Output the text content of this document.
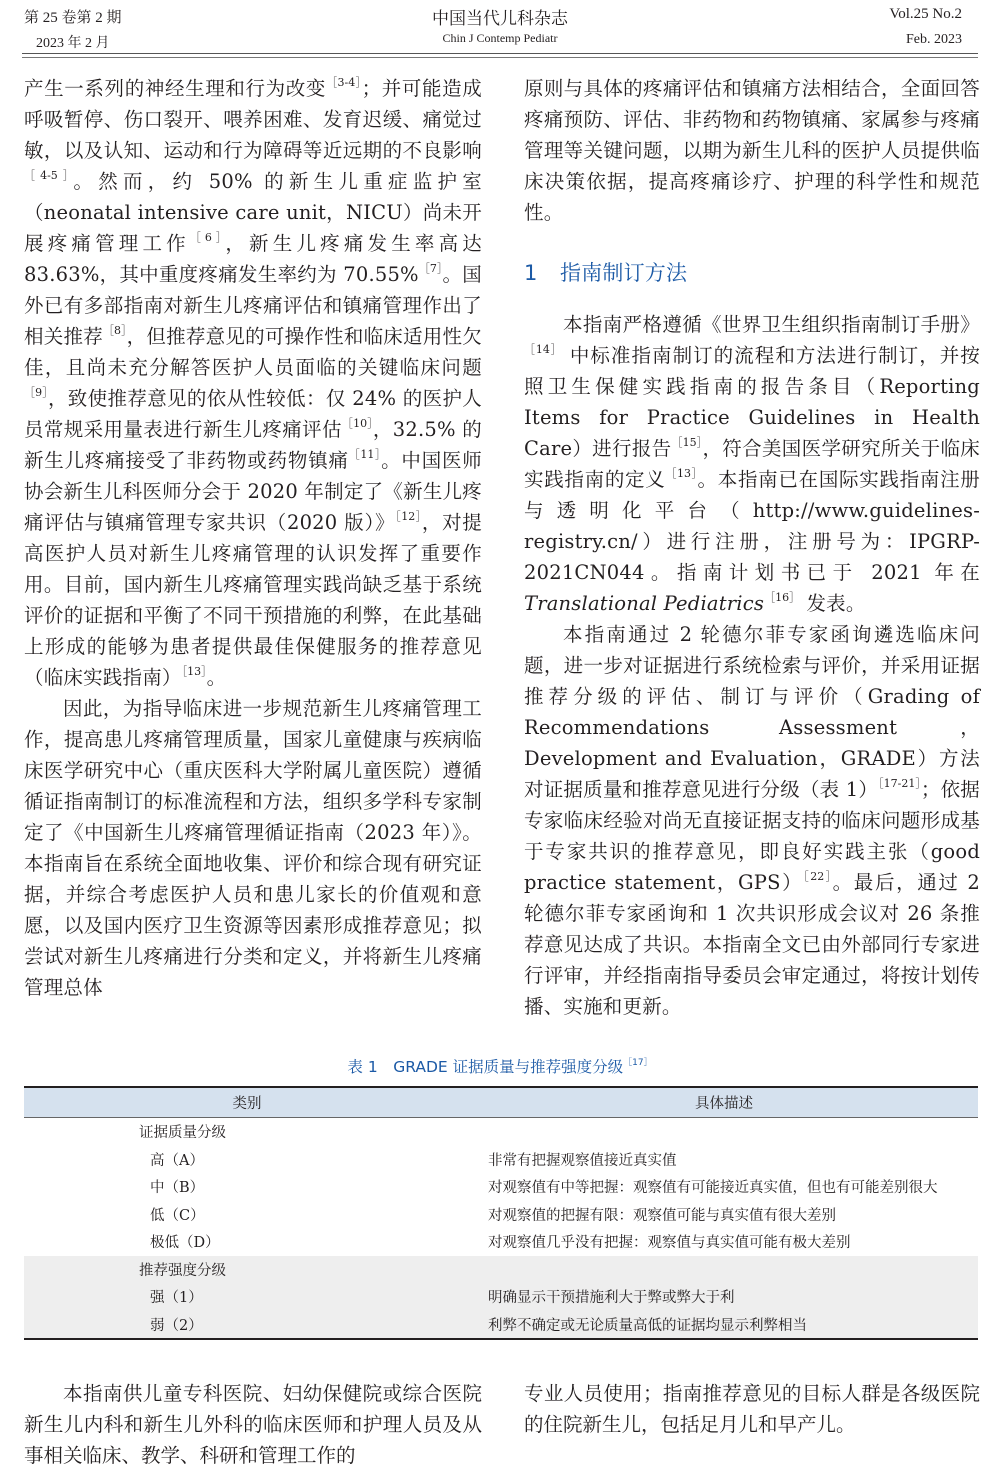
第 25 卷第 2 期
2023 年 2 月
中国当代儿科杂志
Chin J Contemp Pediatr
Vol.25 No.2
Feb. 2023

产生一系列的神经生理和行为改变$^{[3-4]}$；并可能造成呼吸暂停、伤口裂开、喂养困难、发育迟缓、痛觉过敏，以及认知、运动和行为障碍等近远期的不良影响$^{[4-5]}$。然而，约 50% 的新生儿重症监护室（neonatal intensive care unit，NICU）尚未开展疼痛管理工作$^{[6]}$，新生儿疼痛发生率高达 83.63%，其中重度疼痛发生率约为 70.55%$^{[7]}$。国外已有多部指南对新生儿疼痛评估和镇痛管理作出了相关推荐$^{[8]}$，但推荐意见的可操作性和临床适用性欠佳，且尚未充分解答医护人员面临的关键临床问题$^{[9]}$，致使推荐意见的依从性较低：仅 24% 的医护人员常规采用量表进行新生儿疼痛评估$^{[10]}$，32.5% 的新生儿疼痛接受了非药物或药物镇痛$^{[11]}$。中国医师协会新生儿科医师分会于 2020 年制定了《新生儿疼痛评估与镇痛管理专家共识（2020 版）》$^{[12]}$，对提高医护人员对新生儿疼痛管理的认识发挥了重要作用。目前，国内新生儿疼痛管理实践尚缺乏基于系统评价的证据和平衡了不同干预措施的利弊，在此基础上形成的能够为患者提供最佳保健服务的推荐意见（临床实践指南）$^{[13]}$。

因此，为指导临床进一步规范新生儿疼痛管理工作，提高患儿疼痛管理质量，国家儿童健康与疾病临床医学研究中心（重庆医科大学附属儿童医院）遵循循证指南制订的标准流程和方法，组织多学科专家制定了《中国新生儿疼痛管理循证指南（2023 年）》。本指南旨在系统全面地收集、评价和综合现有研究证据，并综合考虑医护人员和患儿家长的价值观和意愿，以及国内医疗卫生资源等因素形成推荐意见；拟尝试对新生儿疼痛进行分类和定义，并将新生儿疼痛管理总体

原则与具体的疼痛评估和镇痛方法相结合，全面回答疼痛预防、评估、非药物和药物镇痛、家属参与疼痛管理等关键问题，以期为新生儿科的医护人员提供临床决策依据，提高疼痛诊疗、护理的科学性和规范性。

1 指南制订方法

本指南严格遵循《世界卫生组织指南制订手册》$^{[14]}$ 中标准指南制订的流程和方法进行制订，并按照卫生保健实践指南的报告条目（Reporting Items for Practice Guidelines in Health Care）进行报告$^{[15]}$，符合美国医学研究所关于临床实践指南的定义$^{[13]}$。本指南已在国际实践指南注册与透明化平台（http://www.guidelines-registry.cn/）进行注册，注册号为：IPGRP-2021CN044。指南计划书已于 2021 年在 Translational Pediatrics$^{[16]}$ 发表。

本指南通过 2 轮德尔菲专家函询遴选临床问题，进一步对证据进行系统检索与评价，并采用证据推荐分级的评估、制订与评价（Grading of Recommendations Assessment， Development and Evaluation，GRADE）方法对证据质量和推荐意见进行分级（表 1）$^{[17-21]}$；依据专家临床经验对尚无直接证据支持的临床问题形成基于专家共识的推荐意见，即良好实践主张（good practice statement，GPS）$^{[22]}$。最后，通过 2 轮德尔菲专家函询和 1 次共识形成会议对 26 条推荐意见达成了共识。本指南全文已由外部同行专家进行评审，并经指南指导委员会审定通过，将按计划传播、实施和更新。

表 1　GRADE 证据质量与推荐强度分级$^{[17]}$
类别	具体描述
证据质量分级	
高（A）	非常有把握观察值接近真实值
中（B）	对观察值有中等把握：观察值有可能接近真实值，但也有可能差别很大
低（C）	对观察值的把握有限：观察值可能与真实值有很大差别
极低（D）	对观察值几乎没有把握：观察值与真实值可能有极大差别
推荐强度分级	
强（1）	明确显示干预措施利大于弊或弊大于利
弱（2）	利弊不确定或无论质量高低的证据均显示利弊相当

本指南供儿童专科医院、妇幼保健院或综合医院新生儿内科和新生儿外科的临床医师和护理人员及从事相关临床、教学、科研和管理工作的

专业人员使用；指南推荐意见的目标人群是各级医院的住院新生儿，包括足月儿和早产儿。
